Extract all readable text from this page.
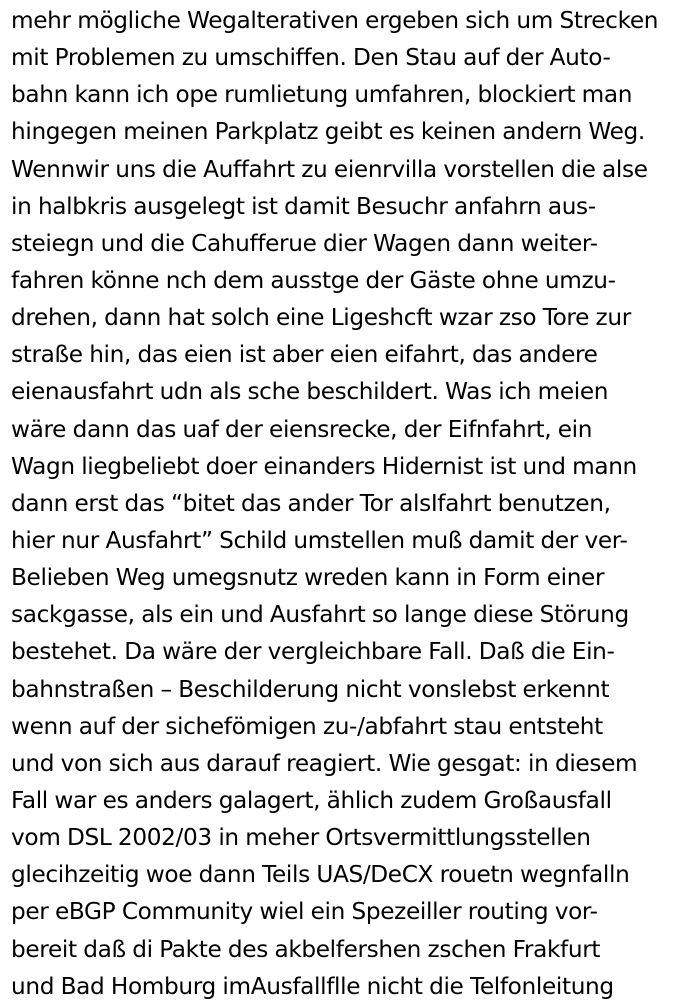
mehr mögliche Wegalterativen ergeben sich um Strecken
mit Problemen zu umschiffen. Den Stau auf der Auto-
bahn kann ich ope rumlietung umfahren, blockiert man
hingegen meinen Parkplatz geibt es keinen andern Weg.
Wennwir uns die Auffahrt zu eienrvilla vorstellen die alse
in halbkris ausgelegt ist damit Besuchr anfahrn aus-
steiegn und die Cahufferue dier Wagen dann weiter-
fahren könne nch dem ausstge der Gäste ohne umzu-
drehen, dann hat solch eine Ligeshcft wzar zso Tore zur
straße hin, das eien ist aber eien eifahrt, das andere
eienausfahrt udn als sche beschildert. Was ich meien
wäre dann das uaf der eiensrecke, der Eifnfahrt, ein
Wagn liegbeliebt doer einanders Hidernist ist und mann
dann erst das “bitet das ander Tor alsIfahrt benutzen,
hier nur Ausfahrt” Schild umstellen muß damit der ver-
Belieben Weg umegsnutz wreden kann in Form einer
sackgasse, als ein und Ausfahrt so lange diese Störung
bestehet. Da wäre der vergleichbare Fall. Daß die Ein-
bahnstraßen – Beschilderung nicht vonslebst erkennt
wenn auf der sichefömigen zu-/abfahrt stau entsteht
und von sich aus darauf reagiert. Wie gesgat: in diesem
Fall war es anders galagert, ählich zudem Großausfall
vom DSL 2002/03 in meher Ortsvermittlungsstellen
glecihzeitig woe dann Teils UAS/DeCX rouetn wegnfalln
per eBGP Community wiel ein Spezeiller routing vor-
bereit daß di Pakte des akbelfershen zschen Frakfurt
und Bad Homburg imAusfallflle nicht die Telfonleitung
